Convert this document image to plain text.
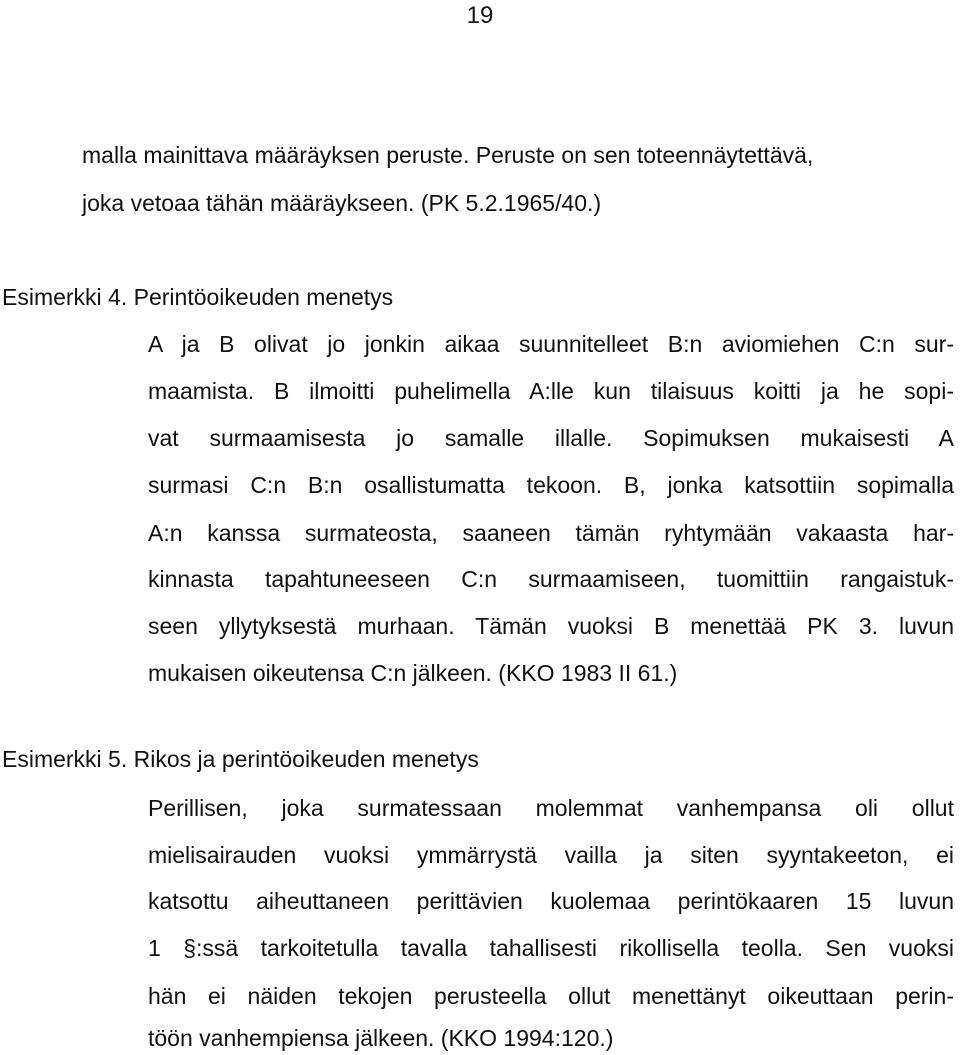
19
malla mainittava määräyksen peruste. Peruste on sen toteennäytettävä,
joka vetoaa tähän määräykseen. (PK 5.2.1965/40.)
Esimerkki 4. Perintöoikeuden menetys
A ja B olivat jo jonkin aikaa suunnitelleet B:n aviomiehen C:n sur-
maamista. B ilmoitti puhelimella A:lle kun tilaisuus koitti ja he sopi-
vat surmaamisesta jo samalle illalle. Sopimuksen mukaisesti A
surmasi C:n B:n osallistumatta tekoon. B, jonka katsottiin sopimalla
A:n kanssa surmateosta, saaneen tämän ryhtymään vakaasta har-
kinnasta tapahtuneeseen C:n surmaamiseen, tuomittiin rangaistuk-
seen yllytyksestä murhaan. Tämän vuoksi B menettää PK 3. luvun
mukaisen oikeutensa C:n jälkeen. (KKO 1983 II 61.)
Esimerkki 5. Rikos ja perintöoikeuden menetys
Perillisen, joka surmatessaan molemmat vanhempansa oli ollut
mielisairauden vuoksi ymmärrystä vailla ja siten syyntakeeton, ei
katsottu aiheuttaneen perittävien kuolemaa perintökaaren 15 luvun
1 §:ssä tarkoitetulla tavalla tahallisesti rikollisella teolla. Sen vuoksi
hän ei näiden tekojen perusteella ollut menettänyt oikeuttaan perin-
töön vanhempiensa jälkeen. (KKO 1994:120.)
